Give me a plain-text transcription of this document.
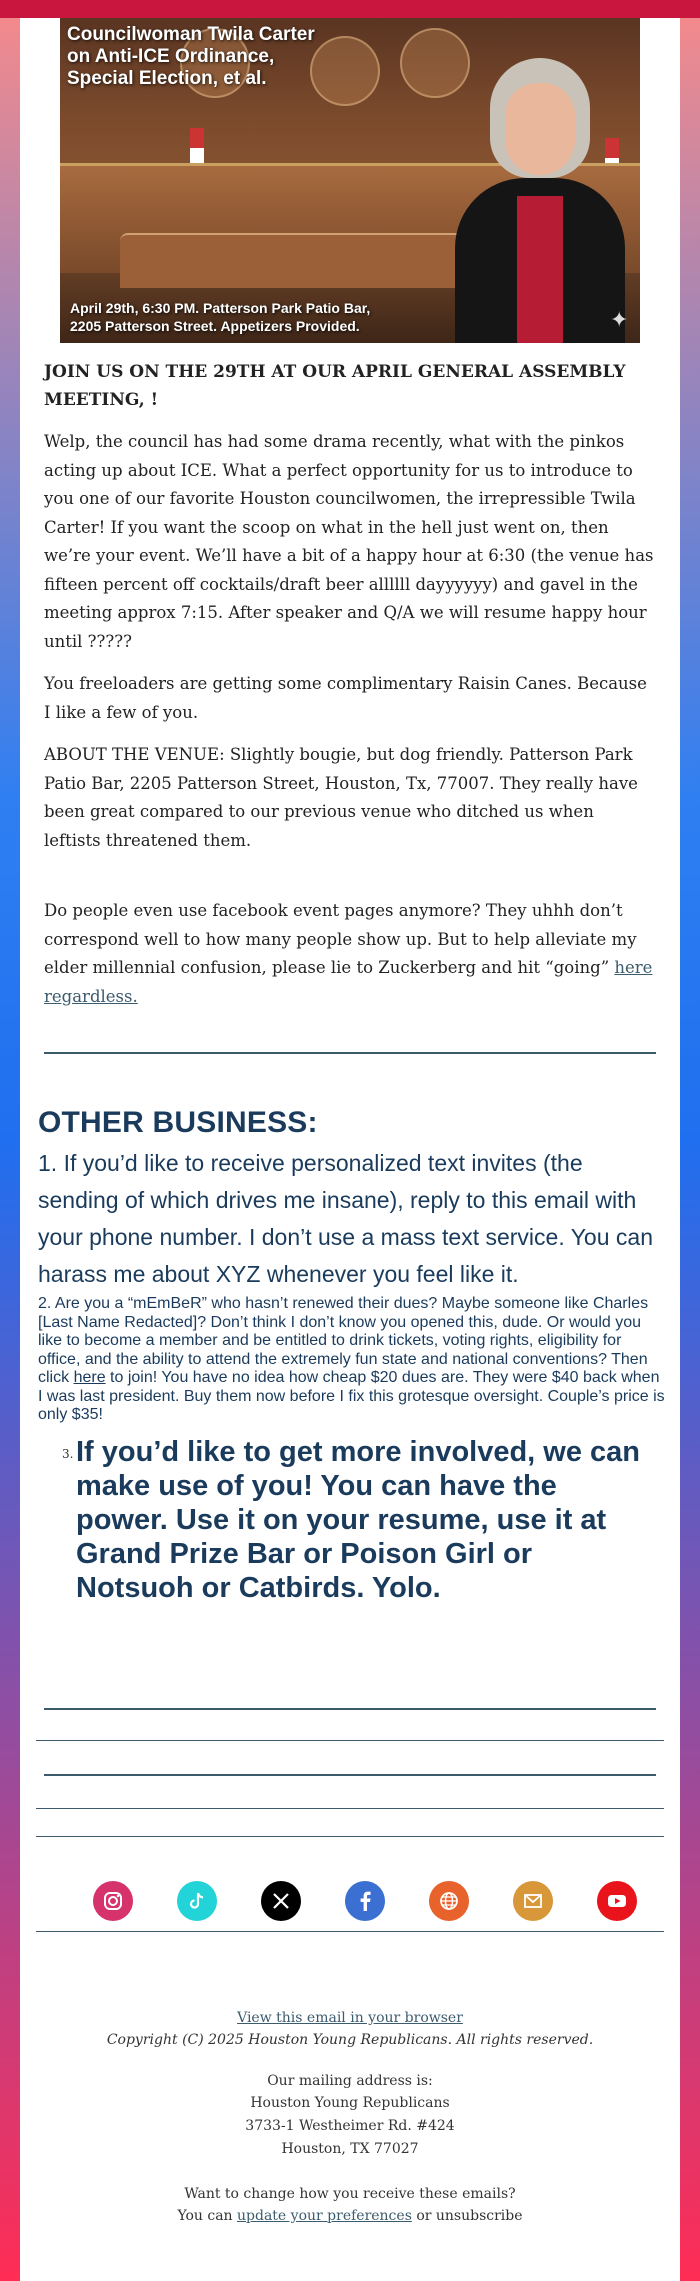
Councilwoman Twila Carter on Anti-ICE Ordinance, Special Election, et al.
April 29th, 6:30 PM. Patterson Park Patio Bar,
2205 Patterson Street. Appetizers Provided.	✦
JOIN US ON THE 29TH AT OUR APRIL GENERAL ASSEMBLY MEETING, !

Welp, the council has had some drama recently, what with the pinkos acting up about ICE. What a perfect opportunity for us to introduce to you one of our favorite Houston councilwomen, the irrepressible Twila Carter! If you want the scoop on what in the hell just went on, then we’re your event. We’ll have a bit of a happy hour at 6:30 (the venue has fifteen percent off cocktails/draft beer allllll dayyyyyy) and gavel in the meeting approx 7:15. After speaker and Q/A we will resume happy hour until ?????

You freeloaders are getting some complimentary Raisin Canes. Because I like a few of you.

ABOUT THE VENUE: Slightly bougie, but dog friendly. Patterson Park Patio Bar, 2205 Patterson Street, Houston, Tx, 77007. They really have been great compared to our previous venue who ditched us when leftists threatened them.

Do people even use facebook event pages anymore? They uhhh don’t correspond well to how many people show up. But to help alleviate my elder millennial confusion, please lie to Zuckerberg and hit “going” here regardless.

OTHER BUSINESS:

1. If you’d like to receive personalized text invites (the sending of which drives me insane), reply to this email with your phone number. I don’t use a mass text service. You can harass me about XYZ whenever you feel like it.

2. Are you a “mEmBeR” who hasn’t renewed their dues? Maybe someone like Charles [Last Name Redacted]? Don’t think I don’t know you opened this, dude. Or would you like to become a member and be entitled to drink tickets, voting rights, eligibility for office, and the ability to attend the extremely fun state and national conventions? Then click here to join! You have no idea how cheap $20 dues are. They were $40 back when I was last president. Buy them now before I fix this grotesque oversight. Couple’s price is only $35!

3. If you’d like to get more involved, we can make use of you! You can have the power. Use it on your resume, use it at Grand Prize Bar or Poison Girl or Notsuoh or Catbirds. Yolo.
View this email in your browser
Copyright (C) 2025 Houston Young Republicans. All rights reserved.
Our mailing address is:
Houston Young Republicans
3733-1 Westheimer Rd. #424
Houston, TX 77027
Want to change how you receive these emails?
You can update your preferences or unsubscribe
